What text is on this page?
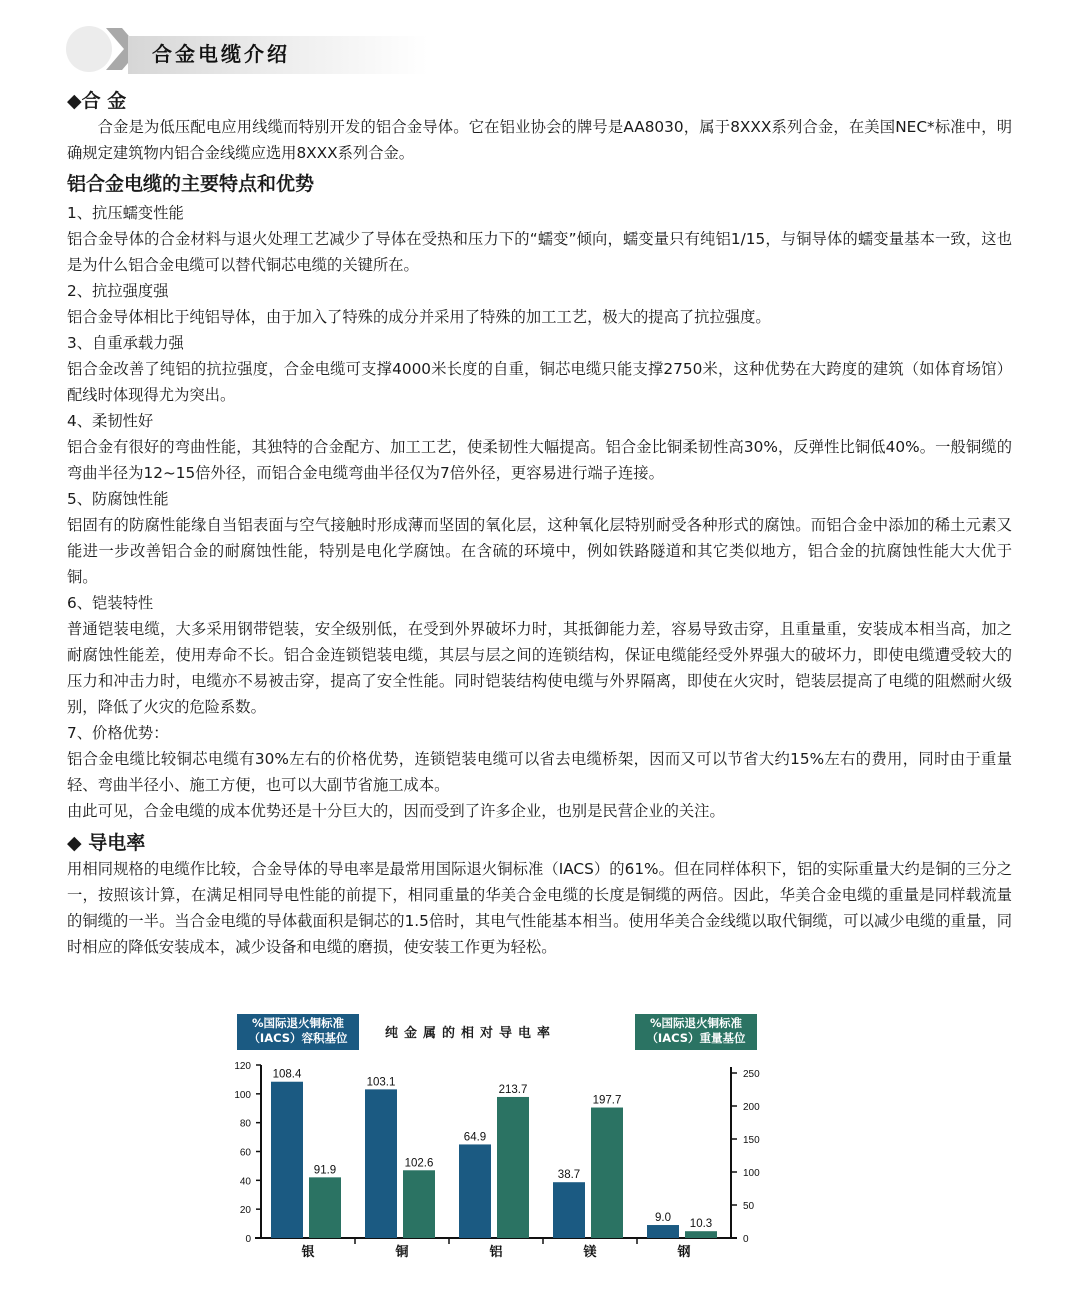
合金电缆介绍
◆合 金

合金是为低压配电应用线缆而特别开发的铝合金导体。它在铝业协会的牌号是AA8030，属于8XXX系列合金，在美国NEC*标准中，明确规定建筑物内铝合金线缆应选用8XXX系列合金。

铝合金电缆的主要特点和优势
1、抗压蠕变性能

铝合金导体的合金材料与退火处理工艺减少了导体在受热和压力下的“蠕变”倾向，蠕变量只有纯铝1/15，与铜导体的蠕变量基本一致，这也是为什么铝合金电缆可以替代铜芯电缆的关键所在。

2、抗拉强度强

铝合金导体相比于纯铝导体，由于加入了特殊的成分并采用了特殊的加工工艺，极大的提高了抗拉强度。

3、自重承载力强

铝合金改善了纯铝的抗拉强度，合金电缆可支撑4000米长度的自重，铜芯电缆只能支撑2750米，这种优势在大跨度的建筑（如体育场馆）配线时体现得尤为突出。

4、柔韧性好

铝合金有很好的弯曲性能，其独特的合金配方、加工工艺，使柔韧性大幅提高。铝合金比铜柔韧性高30%，反弹性比铜低40%。一般铜缆的弯曲半径为12~15倍外径，而铝合金电缆弯曲半径仅为7倍外径，更容易进行端子连接。

5、防腐蚀性能

铝固有的防腐性能缘自当铝表面与空气接触时形成薄而坚固的氧化层，这种氧化层特别耐受各种形式的腐蚀。而铝合金中添加的稀土元素又能进一步改善铝合金的耐腐蚀性能，特别是电化学腐蚀。在含硫的环境中，例如铁路隧道和其它类似地方，铝合金的抗腐蚀性能大大优于铜。

6、铠装特性

普通铠装电缆，大多采用钢带铠装，安全级别低，在受到外界破坏力时，其抵御能力差，容易导致击穿，且重量重，安装成本相当高，加之耐腐蚀性能差，使用寿命不长。铝合金连锁铠装电缆，其层与层之间的连锁结构，保证电缆能经受外界强大的破坏力，即使电缆遭受较大的压力和冲击力时，电缆亦不易被击穿，提高了安全性能。同时铠装结构使电缆与外界隔离，即使在火灾时，铠装层提高了电缆的阻燃耐火级别，降低了火灾的危险系数。

7、价格优势：

铝合金电缆比较铜芯电缆有30%左右的价格优势，连锁铠装电缆可以省去电缆桥架，因而又可以节省大约15%左右的费用，同时由于重量轻、弯曲半径小、施工方便，也可以大副节省施工成本。

由此可见，合金电缆的成本优势还是十分巨大的，因而受到了许多企业，也别是民营企业的关注。

◆ 导电率

用相同规格的电缆作比较，合金导体的导电率是最常用国际退火铜标准（IACS）的61%。但在同样体积下，铝的实际重量大约是铜的三分之一，按照该计算，在满足相同导电性能的前提下，相同重量的华美合金电缆的长度是铜缆的两倍。因此，华美合金电缆的重量是同样载流量的铜缆的一半。当合金电缆的导体截面积是铜芯的1.5倍时，其电气性能基本相当。使用华美合金线缆以取代铜缆，可以减少电缆的重量，同时相应的降低安装成本，减少设备和电缆的磨损，使安装工作更为轻松。

%国际退火铜标准
（IACS）容积基位	纯金属的相对导电率
%国际退火铜标准
（IACS）重量基位
0
20
40
60
80
100
120
0
50
100
150
200
250
108.4
91.9
银
103.1
102.6
铜
64.9
213.7
铝
38.7
197.7
镁
9.0
10.3
钢
